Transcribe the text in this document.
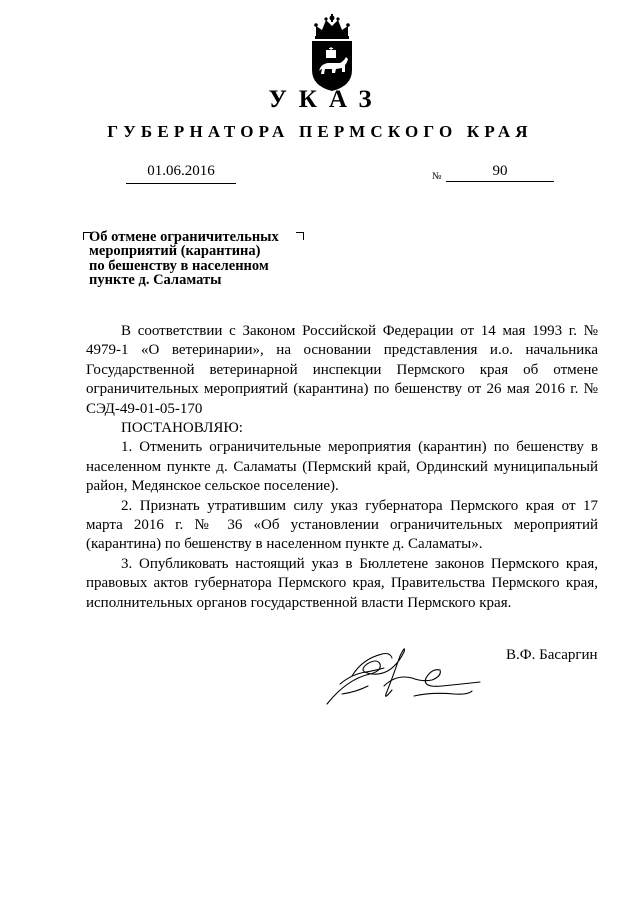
УКАЗ
ГУБЕРНАТОРА ПЕРМСКОГО КРАЯ
01.06.2016	№	90
Об отмене ограничительных
мероприятий (карантина)
по бешенству в населенном
пункте д. Саламаты

В соответствии с Законом Российской Федерации от 14 мая 1993 г. № 4979-1 «О ветеринарии», на основании представления и.о. начальника Государственной ветеринарной инспекции Пермского края об отмене ограничительных мероприятий (карантина) по бешенству от 26 мая 2016 г. № СЭД-49-01-05-170

ПОСТАНОВЛЯЮ:

1. Отменить ограничительные мероприятия (карантин) по бешенству в населенном пункте д. Саламаты (Пермский край, Ординский муниципальный район, Медянское сельское поселение).

2. Признать утратившим силу указ губернатора Пермского края от 17 марта 2016 г. № 36 «Об установлении ограничительных мероприятий (карантина) по бешенству в населенном пункте д. Саламаты».

3. Опубликовать настоящий указ в Бюллетене законов Пермского края, правовых актов губернатора Пермского края, Правительства Пермского края, исполнительных органов государственной власти Пермского края.

В.Ф. Басаргин
